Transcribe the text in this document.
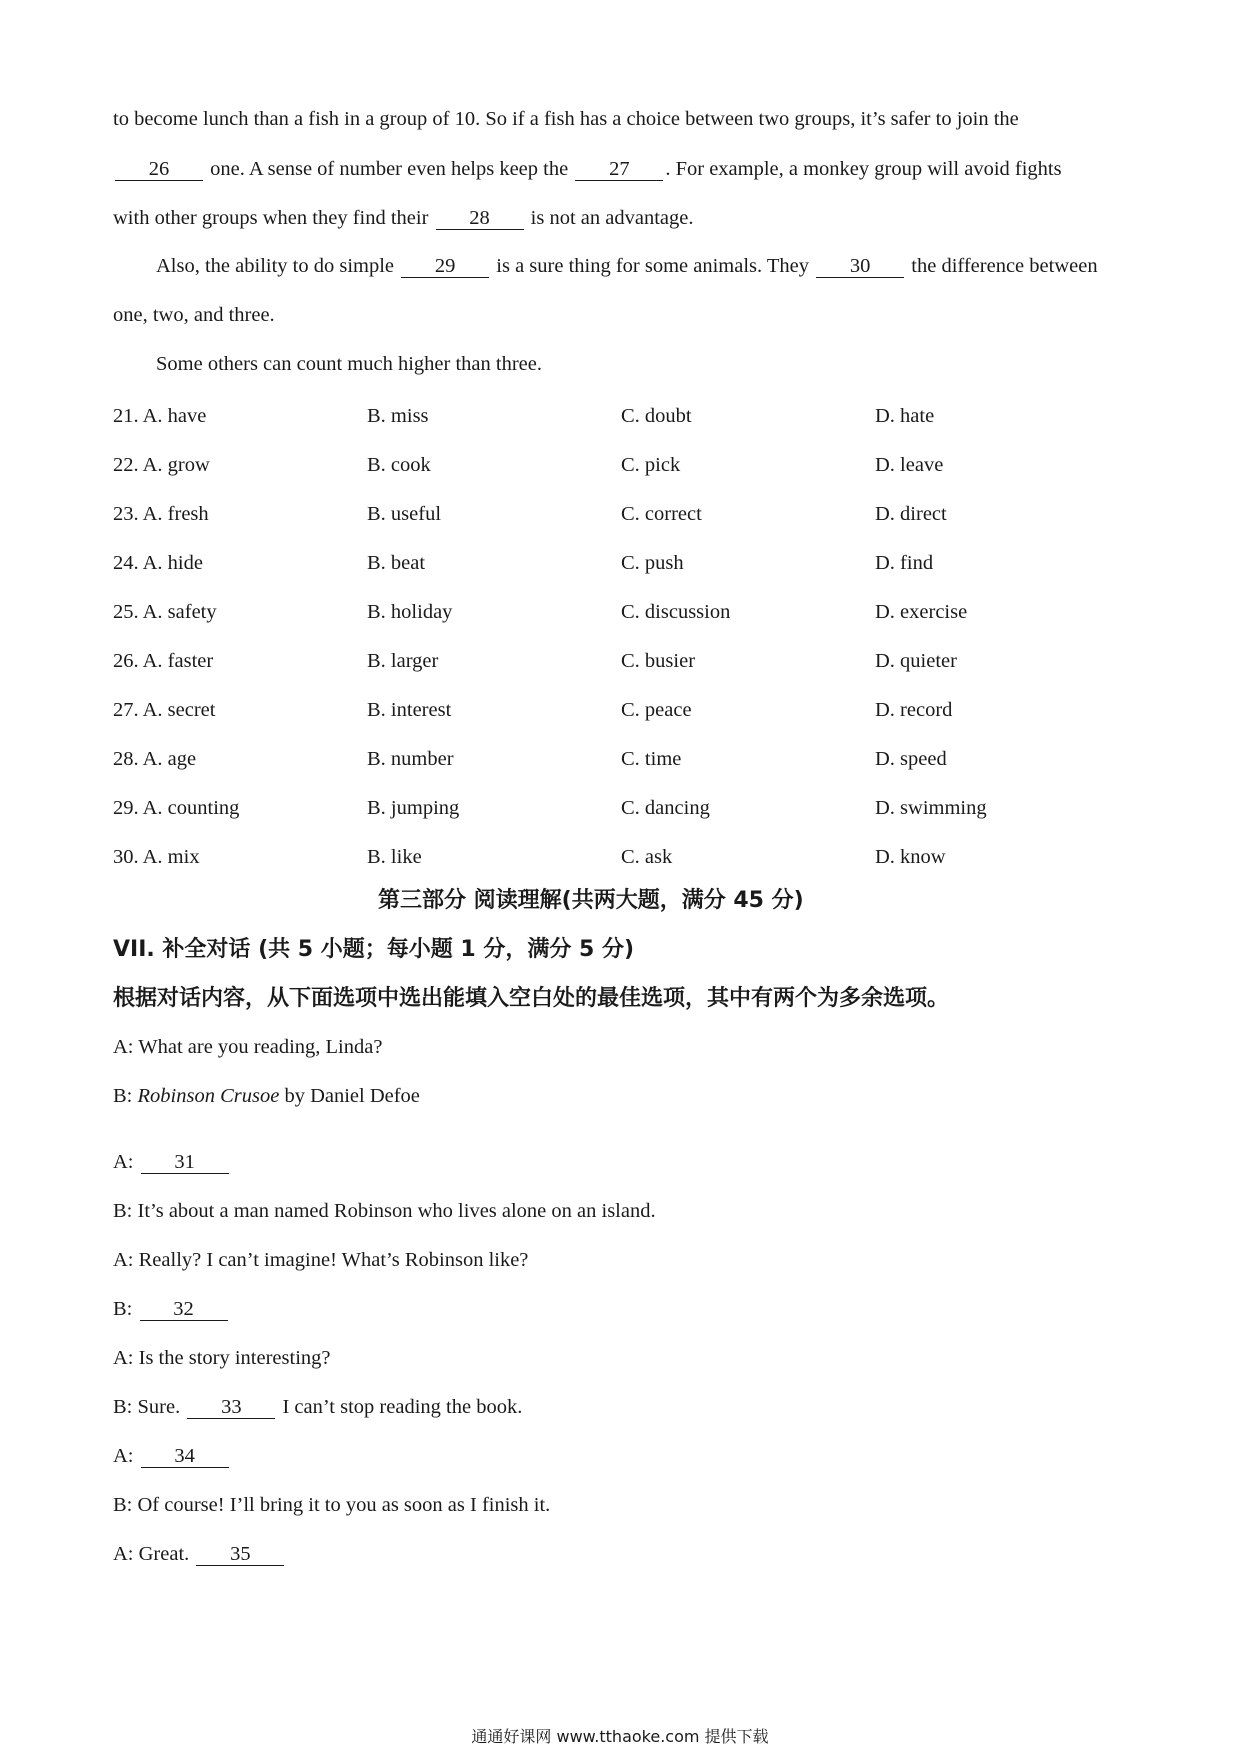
to become lunch than a fish in a group of 10. So if a fish has a choice between two groups, it’s safer to join the
26 one. A sense of number even helps keep the 27 . For example, a monkey group will avoid fights
with other groups when they find their 28 is not an advantage.
Also, the ability to do simple 29 is a sure thing for some animals. They 30 the difference between
one, two, and three.
Some others can count much higher than three.
21. A. have	B. miss	C. doubt	D. hate
22. A. grow	B. cook	C. pick	D. leave
23. A. fresh	B. useful	C. correct	D. direct
24. A. hide	B. beat	C. push	D. find
25. A. safety	B. holiday	C. discussion	D. exercise
26. A. faster	B. larger	C. busier	D. quieter
27. A. secret	B. interest	C. peace	D. record
28. A. age	B. number	C. time	D. speed
29. A. counting	B. jumping	C. dancing	D. swimming
30. A. mix	B. like	C. ask	D. know
第三部分 阅读理解(共两大题，满分 45 分)
VII. 补全对话 (共 5 小题；每小题 1 分，满分 5 分)
根据对话内容，从下面选项中选出能填入空白处的最佳选项，其中有两个为多余选项。
A: What are you reading, Linda?
B: Robinson Crusoe by Daniel Defoe
A: 31
B: It’s about a man named Robinson who lives alone on an island.
A: Really? I can’t imagine! What’s Robinson like?
B: 32
A: Is the story interesting?
B: Sure. 33 I can’t stop reading the book.
A: 34
B: Of course! I’ll bring it to you as soon as I finish it.
A: Great. 35
通通好课网 www.tthaoke.com 提供下载
